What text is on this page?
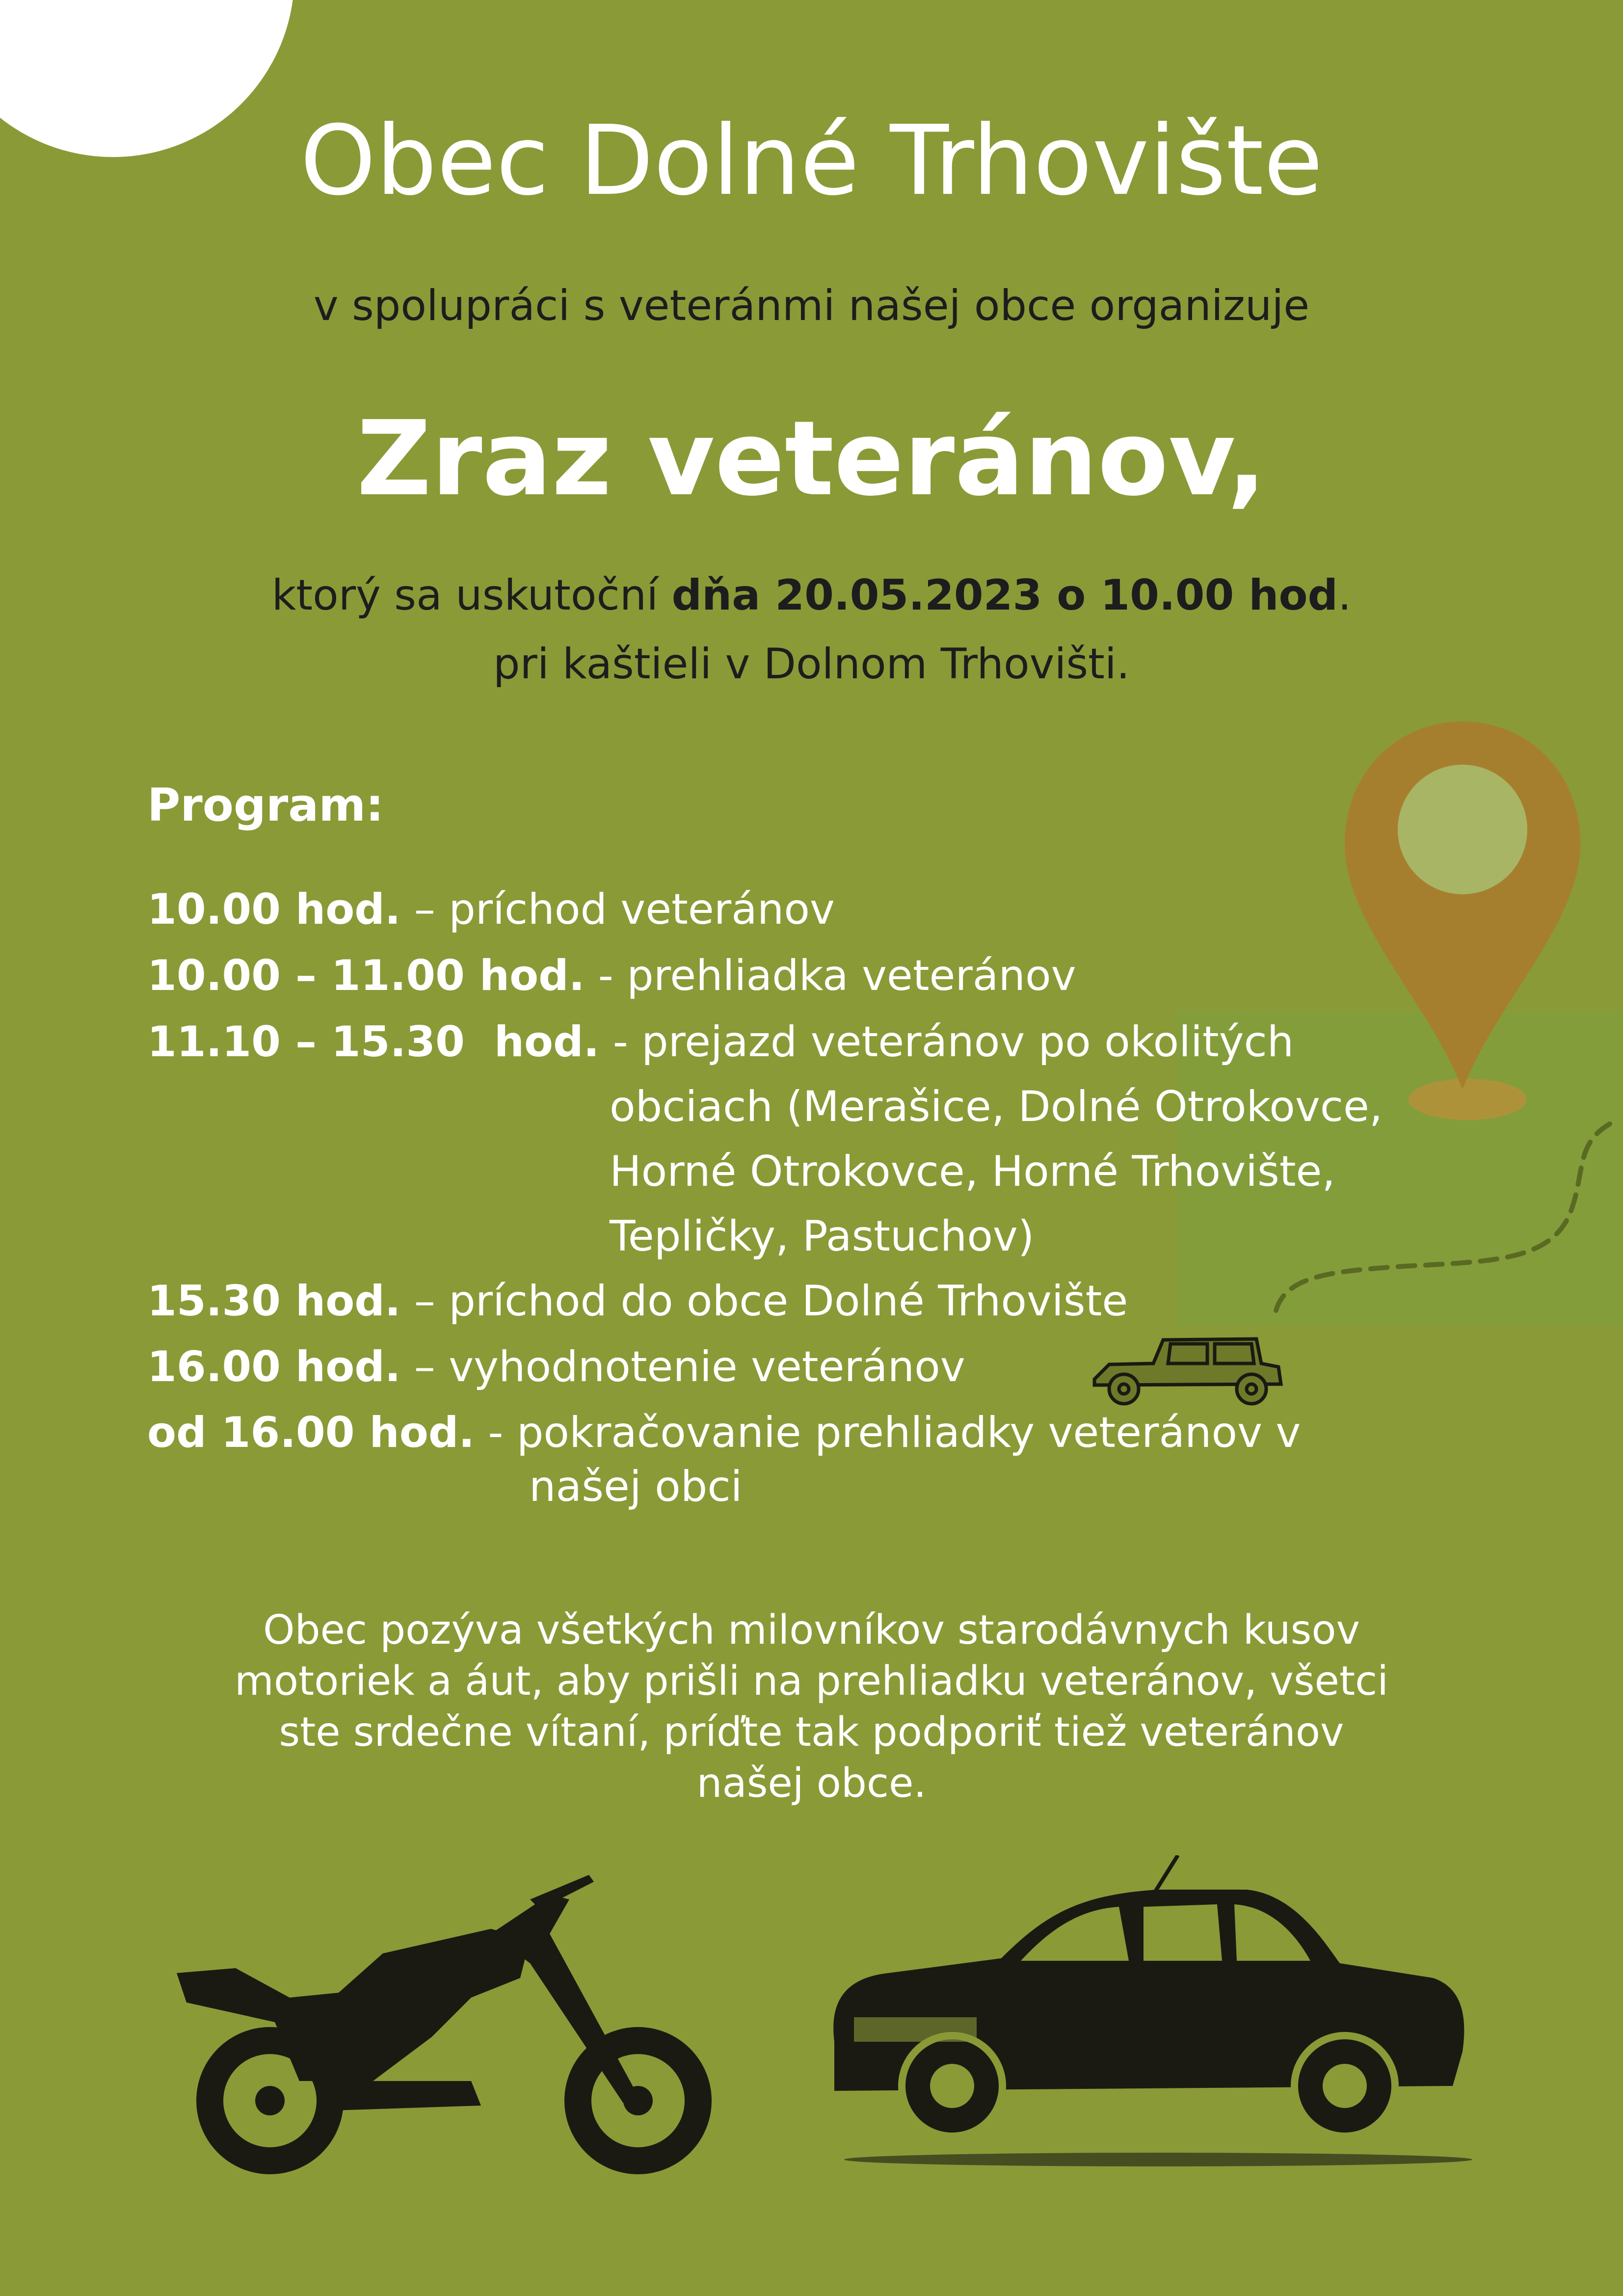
Obec Dolné Trhovište
v spolupráci s veteránmi našej obce organizuje
Zraz veteránov,
ktorý sa uskutoční dňa 20.05.2023 o 10.00 hod.
pri kaštieli v Dolnom Trhovišti.
Program:
10.00 hod. – príchod veteránov
10.00 – 11.00 hod. - prehliadka veteránov
11.10 – 15.30  hod. - prejazd veteránov po okolitých
obciach (Merašice, Dolné Otrokovce,
Horné Otrokovce, Horné Trhovište,
Tepličky, Pastuchov)
15.30 hod. – príchod do obce Dolné Trhovište
16.00 hod. – vyhodnotenie veteránov
od 16.00 hod. - pokračovanie prehliadky veteránov v
našej obci
Obec pozýva všetkých milovníkov starodávnych kusov
motoriek a áut, aby prišli na prehliadku veteránov, všetci
ste srdečne vítaní, príďte tak podporiť tiež veteránov
našej obce.
